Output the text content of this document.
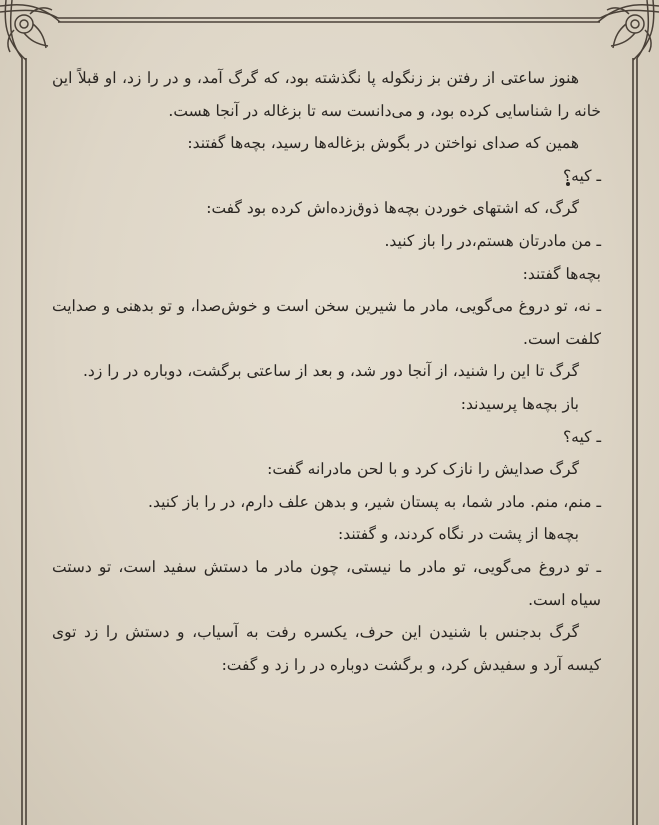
هنوز ساعتی از رفتن بز زنگوله پا نگذشته بود، که گرگ آمد، و در را زد، او قبلاً این خانه را شناسایی کرده بود، و می‌دانست سه تا بزغاله در آنجا هست.

همین که صدای نواختن در بگوش بزغاله‌ها رسید، بچه‌ها گفتند:

ـ کیه؟

گرگ، که اشتهای خوردن بچه‌ها ذوق‌زده‌اش کرده بود گفت:

ـ من مادرتان هستم،در را باز کنید.

بچه‌ها گفتند:

ـ نه، تو دروغ می‌گویی، مادر ما شیرین سخن است و خوش‌صدا، و تو بدهنی و صدایت کلفت است.

گرگ تا این را شنید، از آنجا دور شد، و بعد از ساعتی برگشت، دوباره در را زد.

باز بچه‌ها پرسیدند:

ـ کیه؟

گرگ صدایش را نازک کرد و با لحن مادرانه گفت:

ـ منم، منم. مادر شما، به پستان شیر، و بدهن علف دارم، در را باز کنید.

بچه‌ها از پشت در نگاه کردند، و گفتند:

ـ تو دروغ می‌گویی، تو مادر ما نیستی، چون مادر ما دستش سفید است، تو دستت سیاه است.

گرگ بدجنس با شنیدن این حرف، یکسره رفت به آسیاب، و دستش را زد توی کیسه آرد و سفیدش کرد، و برگشت دوباره در را زد و گفت:
